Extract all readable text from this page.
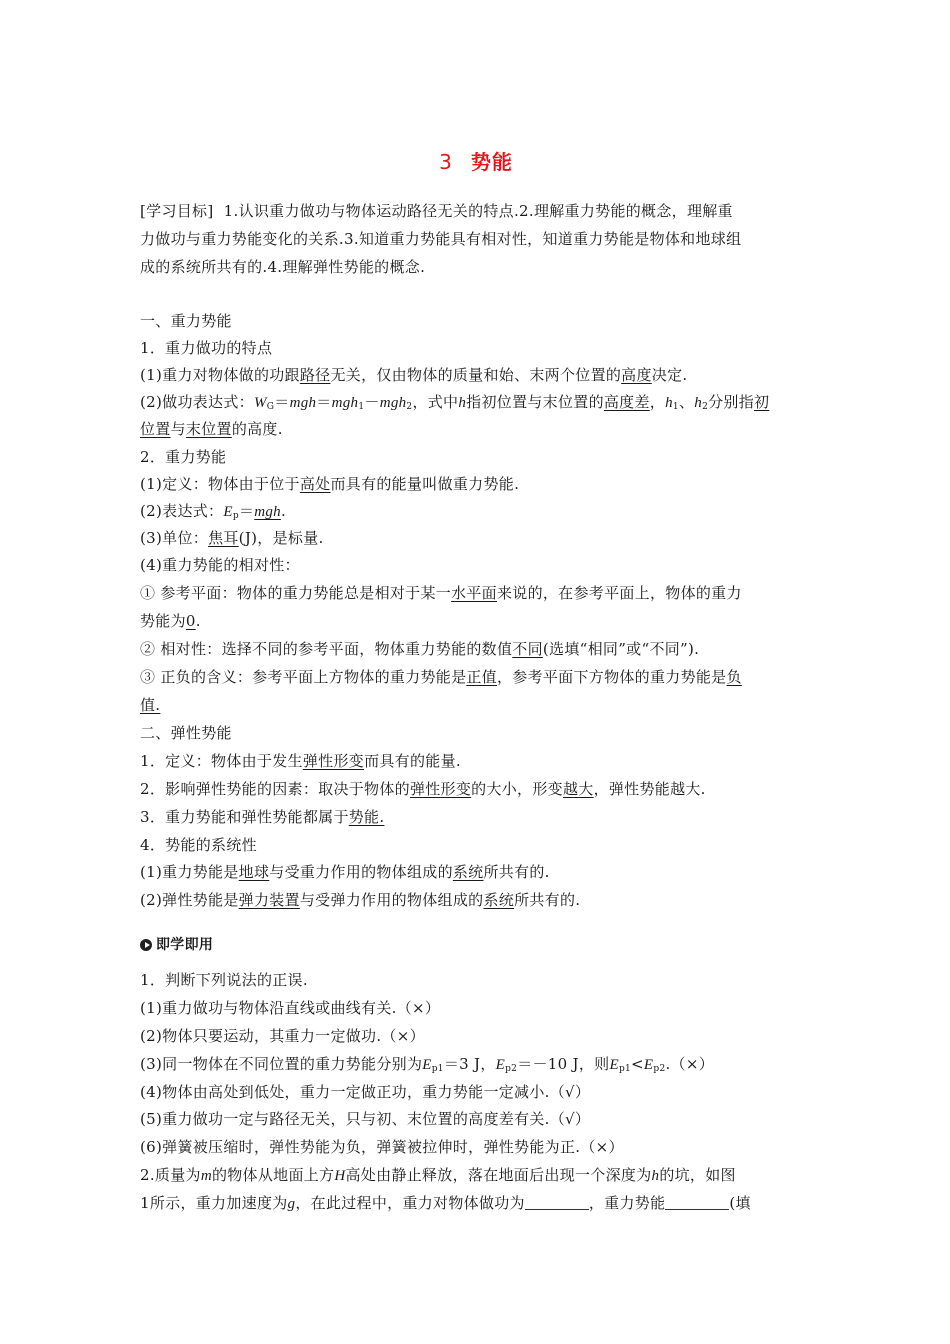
3 势能
[学习目标] 1.认识重力做功与物体运动路径无关的特点.2.理解重力势能的概念，理解重
力做功与重力势能变化的关系.3.知道重力势能具有相对性，知道重力势能是物体和地球组
成的系统所共有的.4.理解弹性势能的概念.
一、重力势能
1．重力做功的特点
(1)重力对物体做的功跟路径无关，仅由物体的质量和始、末两个位置的高度决定.
(2)做功表达式：$W_G=mgh=mgh_1-mgh_2$，式中h指初位置与末位置的高度差，$h_1$、$h_2$分别指初
位置与末位置的高度.
2．重力势能
(1)定义：物体由于位于高处而具有的能量叫做重力势能.
(2)表达式：$E_p=mgh$.
(3)单位：焦耳(J)，是标量.
(4)重力势能的相对性：
① 参考平面：物体的重力势能总是相对于某一水平面来说的，在参考平面上，物体的重力
势能为0.
② 相对性：选择不同的参考平面，物体重力势能的数值不同(选填“相同”或“不同”).
③ 正负的含义：参考平面上方物体的重力势能是正值，参考平面下方物体的重力势能是负
值.
二、弹性势能
1．定义：物体由于发生弹性形变而具有的能量.
2．影响弹性势能的因素：取决于物体的弹性形变的大小，形变越大，弹性势能越大.
3．重力势能和弹性势能都属于势能.
4．势能的系统性
(1)重力势能是地球与受重力作用的物体组成的系统所共有的.
(2)弹性势能是弹力装置与受弹力作用的物体组成的系统所共有的.
即学即用
1．判断下列说法的正误.
(1)重力做功与物体沿直线或曲线有关.（×）
(2)物体只要运动，其重力一定做功.（×）
(3)同一物体在不同位置的重力势能分别为$E_{p1}=3$ J，$E_{p2}=-10$ J，则$E_{p1}<E_{p2}.(\times)$
(4)物体由高处到低处，重力一定做正功，重力势能一定减小.（√）
(5)重力做功一定与路径无关，只与初、末位置的高度差有关.（√）
(6)弹簧被压缩时，弹性势能为负，弹簧被拉伸时，弹性势能为正.（×）
2.质量为m的物体从地面上方H高处由静止释放，落在地面后出现一个深度为h的坑，如图
1所示，重力加速度为g，在此过程中，重力对物体做功为	，重力势能	(填
